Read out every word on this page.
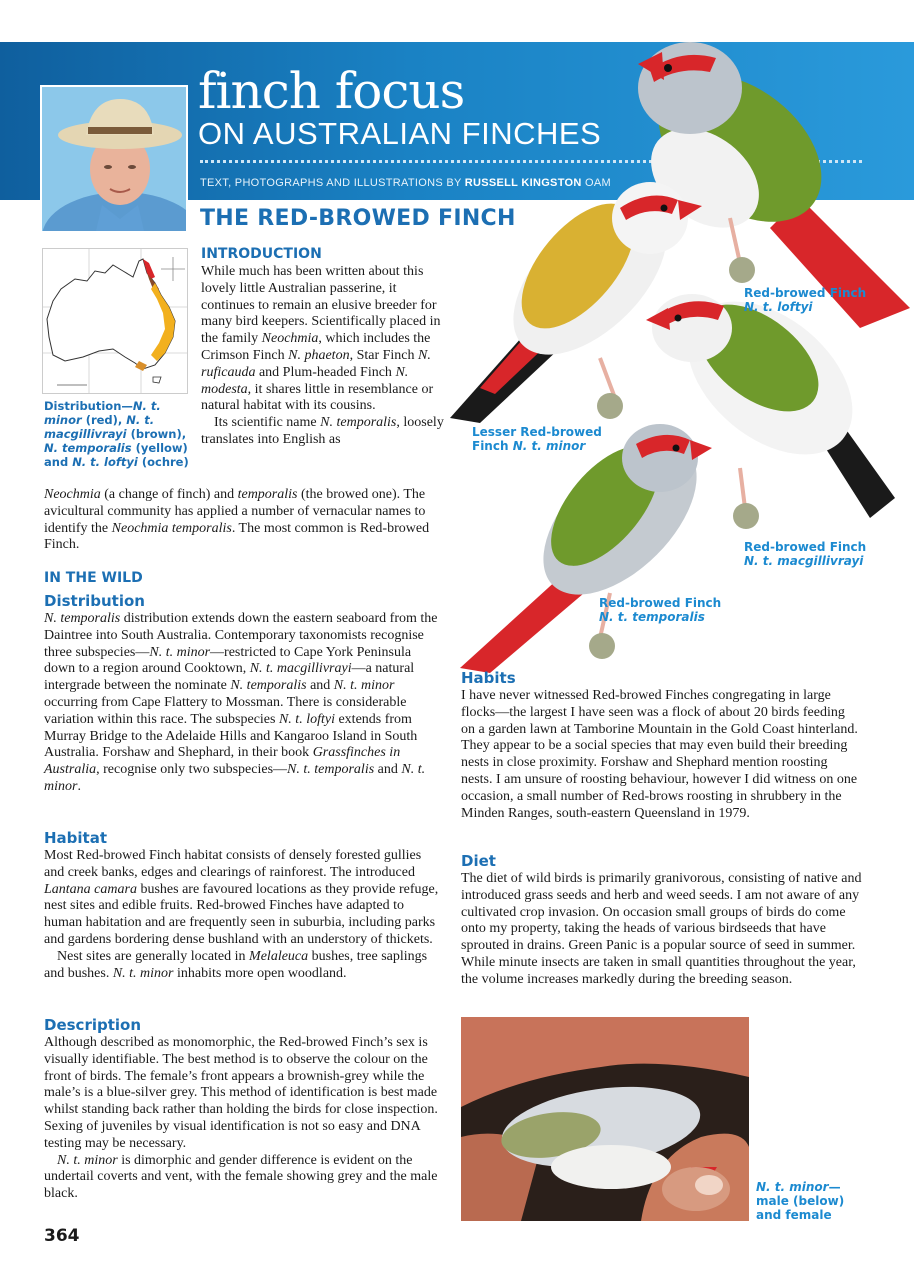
finch focus
ON AUSTRALIAN FINCHES
TEXT, PHOTOGRAPHS AND ILLUSTRATIONS BY RUSSELL KINGSTON OAM
THE RED-BROWED FINCH
Distribution—N. t. minor (red), N. t. macgillivrayi (brown), N. temporalis (yellow) and N. t. loftyi (ochre)
INTRODUCTION

While much has been written about this lovely little Australian passerine, it continues to remain an elusive breeder for many bird keepers. Scientifically placed in the family Neochmia, which includes the Crimson Finch N. phaeton, Star Finch N. ruficauda and Plum-headed Finch N. modesta, it shares little in resemblance or natural habitat with its cousins.

Its scientific name N. temporalis, loosely translates into English as

Neochmia (a change of finch) and temporalis (the browed one). The avicultural community has applied a number of vernacular names to identify the Neochmia temporalis. The most common is Red-browed Finch.

IN THE WILD
Distribution

N. temporalis distribution extends down the eastern seaboard from the Daintree into South Australia. Contemporary taxonomists recognise three subspecies—N. t. minor—restricted to Cape York Peninsula down to a region around Cooktown, N. t. macgillivrayi—a natural intergrade between the nominate N. temporalis and N. t. minor occurring from Cape Flattery to Mossman. There is considerable variation within this race. The subspecies N. t. loftyi extends from Murray Bridge to the Adelaide Hills and Kangaroo Island in South Australia. Forshaw and Shephard, in their book Grassfinches in Australia, recognise only two subspecies—N. t. temporalis and N. t. minor.

Habitat

Most Red-browed Finch habitat consists of densely forested gullies and creek banks, edges and clearings of rainforest. The introduced Lantana camara bushes are favoured locations as they provide refuge, nest sites and edible fruits. Red-browed Finches have adapted to human habitation and are frequently seen in suburbia, including parks and gardens bordering dense bushland with an understory of thickets.

Nest sites are generally located in Melaleuca bushes, tree saplings and bushes. N. t. minor inhabits more open woodland.

Description

Although described as monomorphic, the Red-browed Finch’s sex is visually identifiable. The best method is to observe the colour on the front of birds. The female’s front appears a brownish-grey while the male’s is a blue-silver grey. This method of identification is best made whilst standing back rather than holding the birds for close inspection. Sexing of juveniles by visual identification is not so easy and DNA testing may be necessary.

N. t. minor is dimorphic and gender difference is evident on the undertail coverts and vent, with the female showing grey and the male black.

364
Red-browed Finch
N. t. loftyi
Lesser Red-browed Finch N. t. minor
Red-browed Finch
N. t. macgillivrayi
Red-browed Finch
N. t. temporalis
Habits
I have never witnessed Red-browed Finches congregating in large flocks—the largest I have seen was a flock of about 20 birds feeding on a garden lawn at Tamborine Mountain in the Gold Coast hinterland. They appear to be a social species that may even build their breeding nests in close proximity. Forshaw and Shephard mention roosting nests. I am unsure of roosting behaviour, however I did witness on one occasion, a small number of Red-brows roosting in shrubbery in the Minden Ranges, south-eastern Queensland in 1979.
Diet
The diet of wild birds is primarily granivorous, consisting of native and introduced grass seeds and herb and weed seeds. I am not aware of any cultivated crop invasion. On occasion small groups of birds do come onto my property, taking the heads of various birdseeds that have sprouted in drains. Green Panic is a popular source of seed in summer. While minute insects are taken in small quantities throughout the year, the volume increases markedly during the breeding season.
N. t. minor— male (below) and female
